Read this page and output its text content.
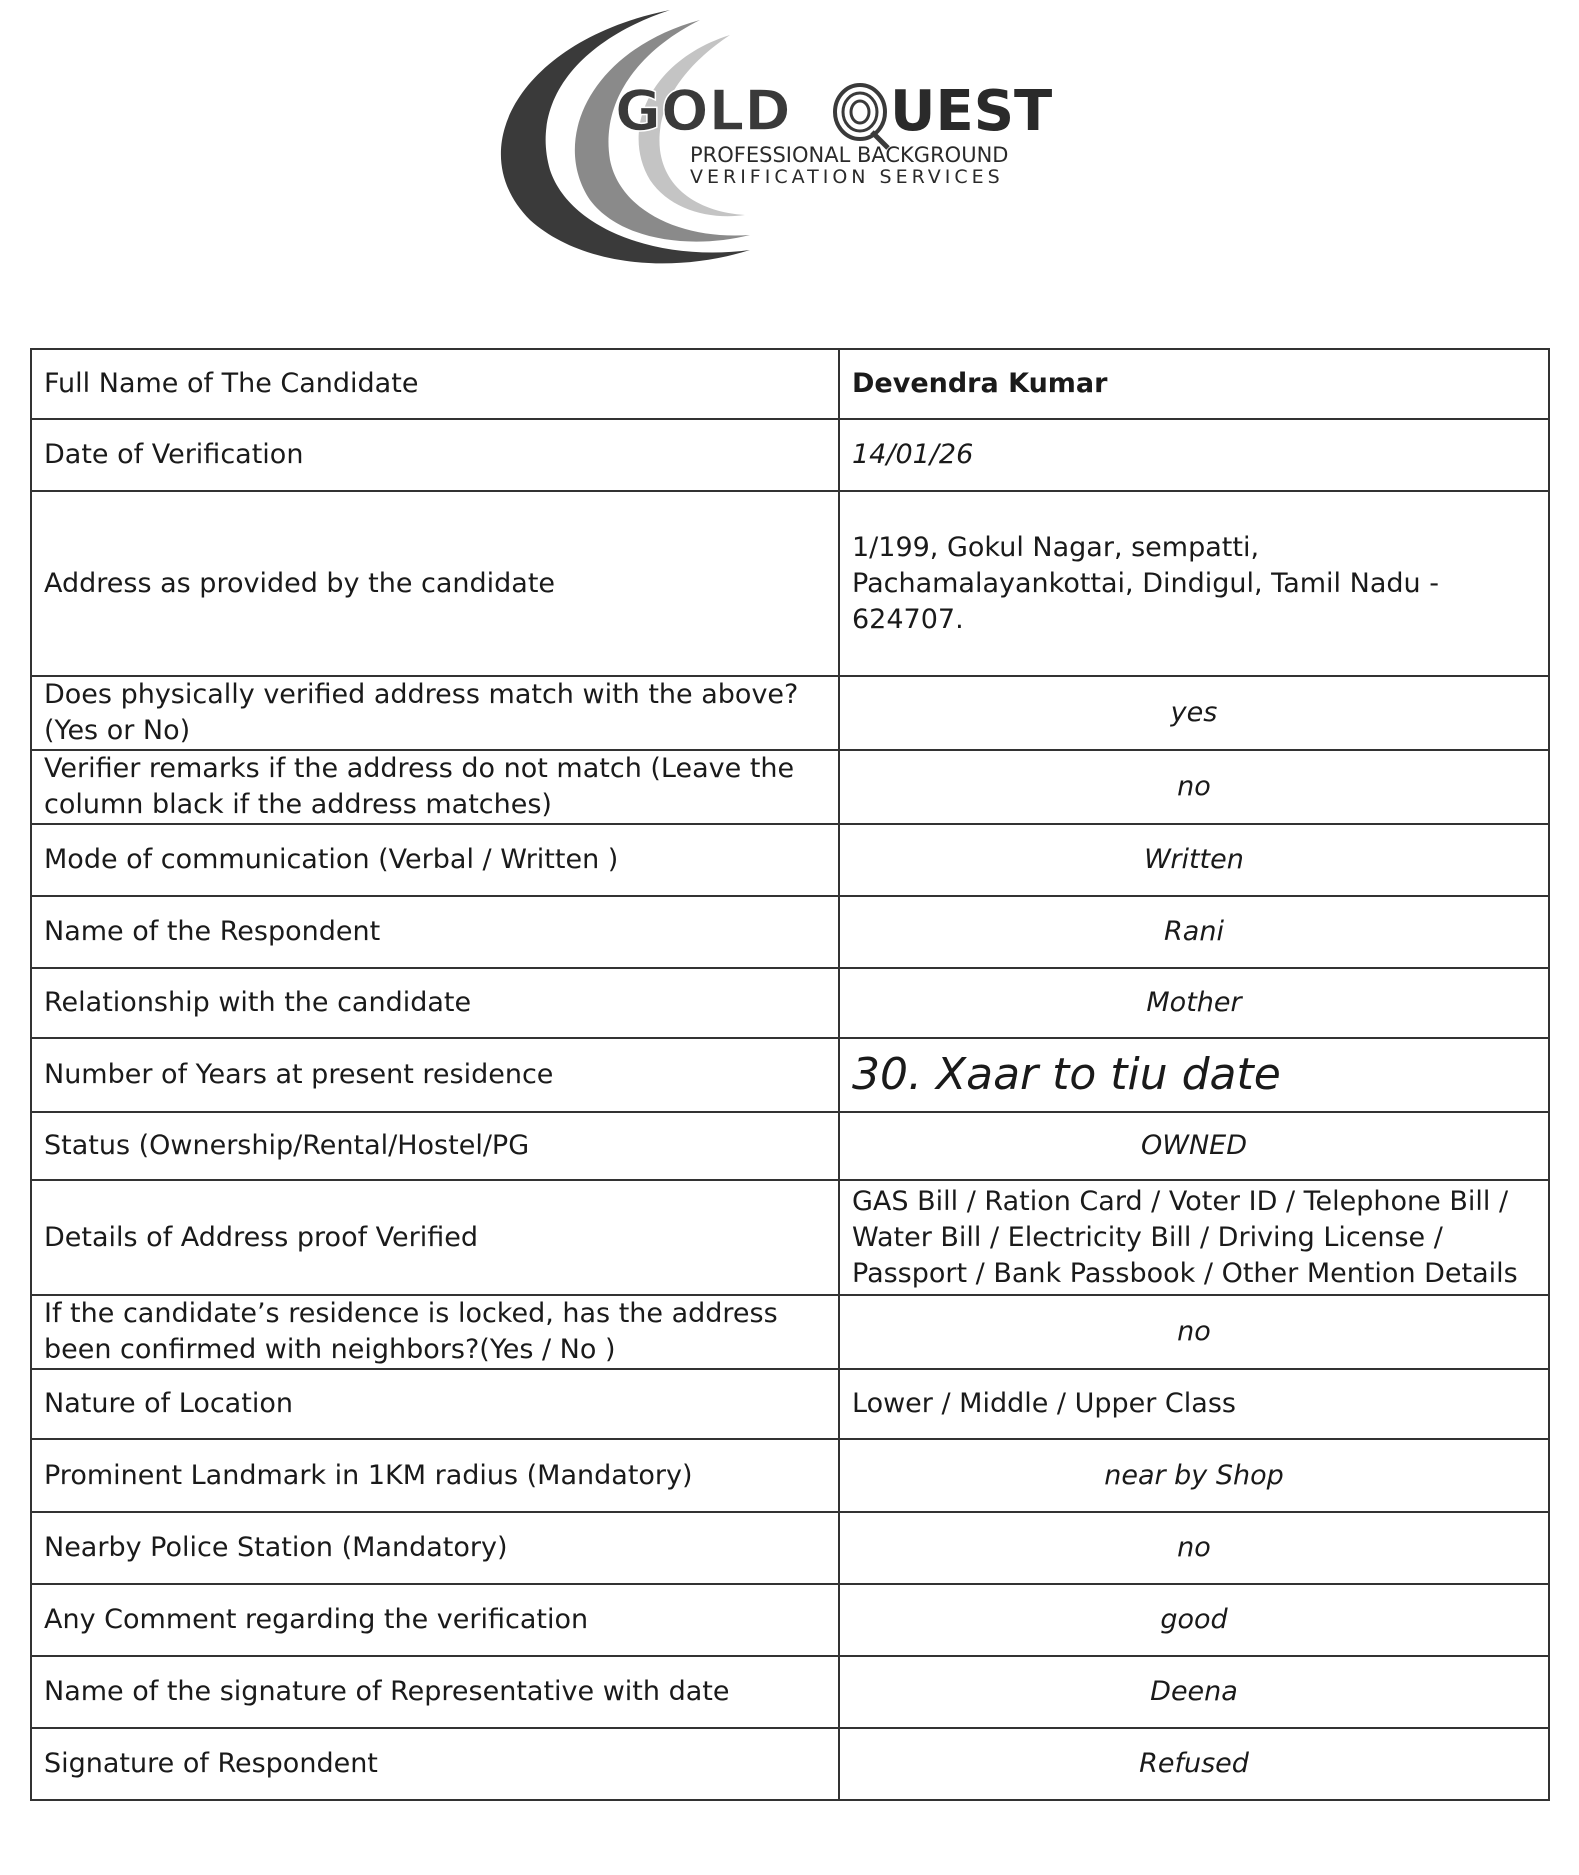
GOLD UEST
PROFESSIONAL BACKGROUND
VERIFICATION SERVICES
Full Name of The Candidate	Devendra Kumar
Date of Verification	14/01/26
Address as provided by the candidate	1/199, Gokul Nagar, sempatti, Pachamalayankottai, Dindigul, Tamil Nadu - 624707.
Does physically verified address match with the above? (Yes or No)	yes
Verifier remarks if the address do not match (Leave the column black if the address matches)	no
Mode of communication (Verbal / Written )	Written
Name of the Respondent	Rani
Relationship with the candidate	Mother
Number of Years at present residence	30. Xaar to tiu date
Status (Ownership/Rental/Hostel/PG	OWNED
Details of Address proof Verified	GAS Bill / Ration Card / Voter ID / Telephone Bill / Water Bill / Electricity Bill / Driving License / Passport / Bank Passbook / Other Mention Details
If the candidate’s residence is locked, has the address been confirmed with neighbors?(Yes / No )	no
Nature of Location	Lower / Middle / Upper Class
Prominent Landmark in 1KM radius (Mandatory)	near by Shop
Nearby Police Station (Mandatory)	no
Any Comment regarding the verification	good
Name of the signature of Representative with date	Deena
Signature of Respondent	Refused
